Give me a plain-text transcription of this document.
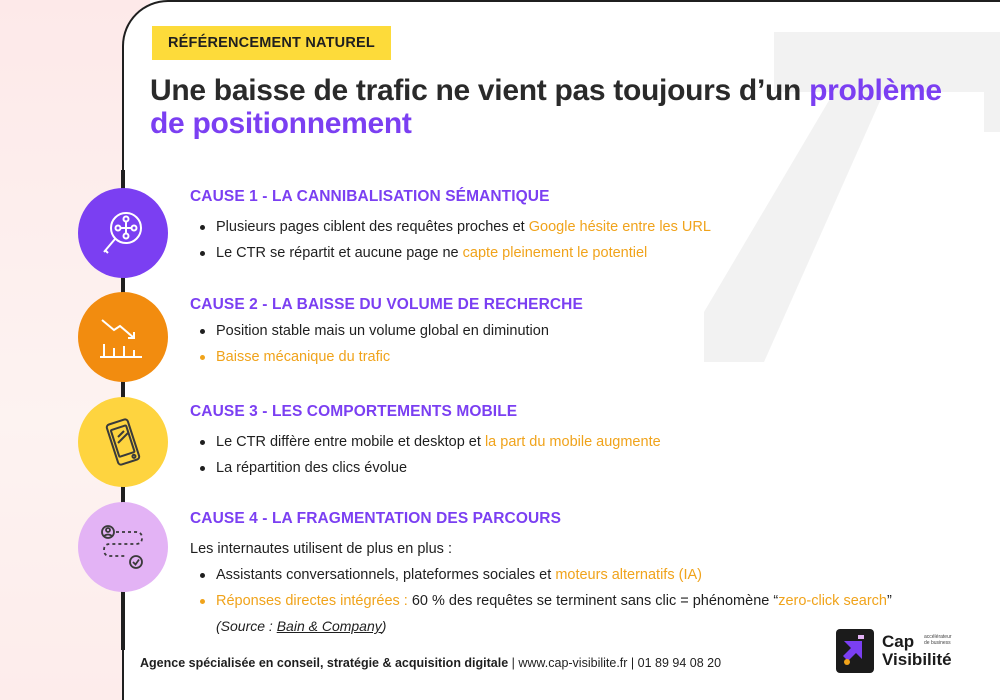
RÉFÉRENCEMENT NATUREL
Une baisse de trafic ne vient pas toujours d’un problème
de positionnement
CAUSE 1 - LA CANNIBALISATION SÉMANTIQUE
Plusieurs pages ciblent des requêtes proches et Google hésite entre les URL
Le CTR se répartit et aucune page ne capte pleinement le potentiel
CAUSE 2 - LA BAISSE DU VOLUME DE RECHERCHE
Position stable mais un volume global en diminution
Baisse mécanique du trafic
CAUSE 3 - LES COMPORTEMENTS MOBILE
Le CTR diffère entre mobile et desktop et la part du mobile augmente
La répartition des clics évolue
CAUSE 4 - LA FRAGMENTATION DES PARCOURS
Les internautes utilisent de plus en plus :
Assistants conversationnels, plateformes sociales et moteurs alternatifs (IA)
Réponses directes intégrées : 60 % des requêtes se terminent sans clic = phénomène “zero-click search”
(Source : Bain & Company)
Agence spécialisée en conseil, stratégie & acquisition digitale | www.cap-visibilite.fr | 01 89 94 08 20
Cap
Visibilité
accélérateur de business
